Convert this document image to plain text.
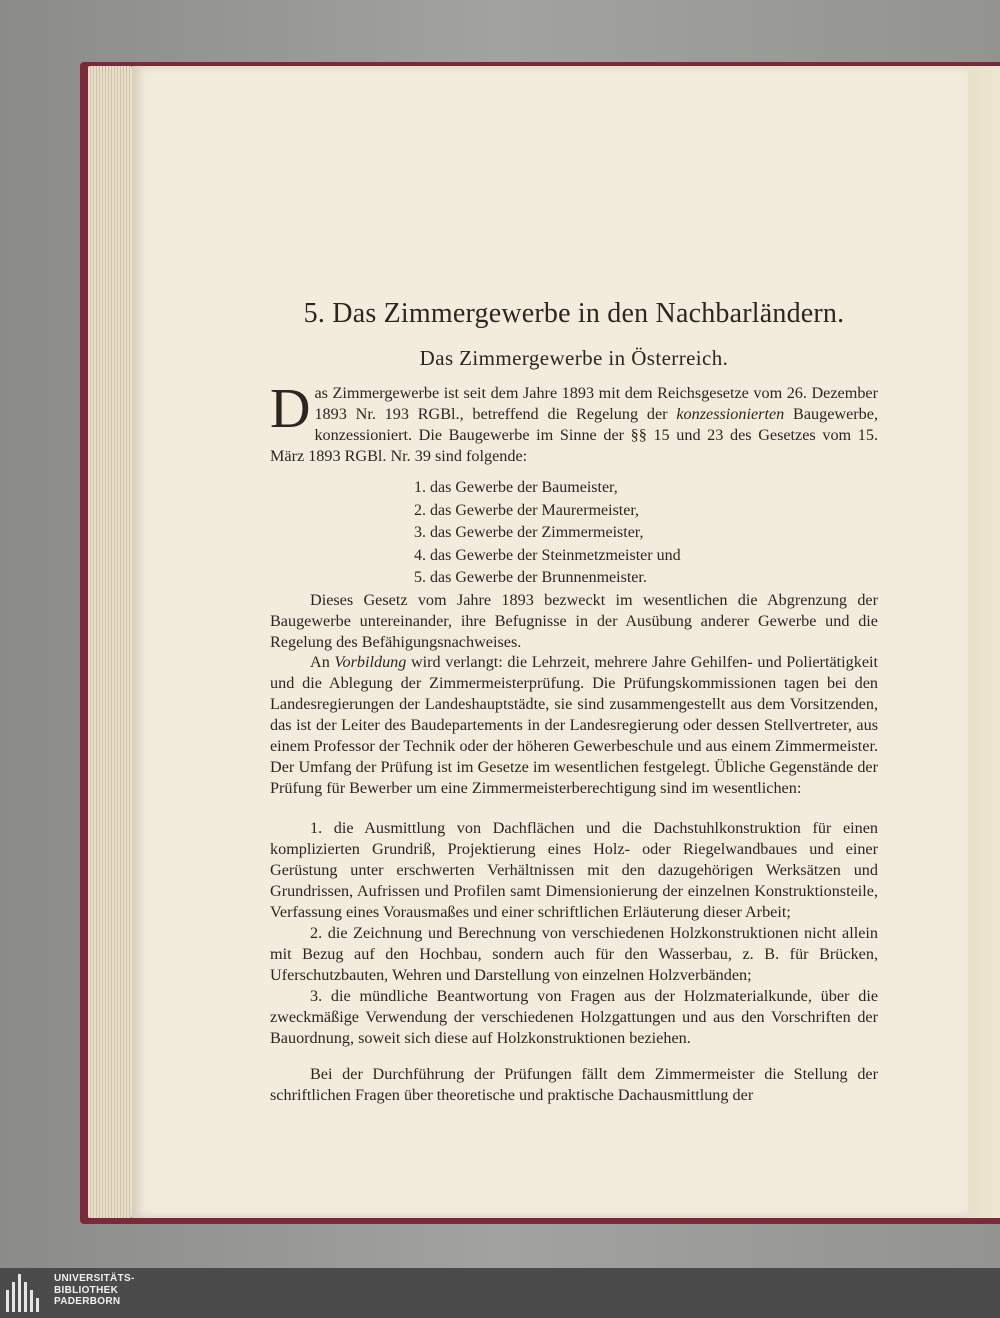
5. Das Zimmergewerbe in den Nachbarländern.
Das Zimmergewerbe in Österreich.

Das Zimmergewerbe ist seit dem Jahre 1893 mit dem Reichsgesetze vom 26. Dezember 1893 Nr. 193 RGBl., betreffend die Regelung der konzessionierten Baugewerbe, konzessioniert. Die Baugewerbe im Sinne der §§ 15 und 23 des Gesetzes vom 15. März 1893 RGBl. Nr. 39 sind folgende:

1. das Gewerbe der Baumeister,
2. das Gewerbe der Maurermeister,
3. das Gewerbe der Zimmermeister,
4. das Gewerbe der Steinmetzmeister und
5. das Gewerbe der Brunnenmeister.

Dieses Gesetz vom Jahre 1893 bezweckt im wesentlichen die Abgrenzung der Baugewerbe untereinander, ihre Befugnisse in der Ausübung anderer Gewerbe und die Regelung des Befähigungsnachweises.

An Vorbildung wird verlangt: die Lehrzeit, mehrere Jahre Gehilfen- und Poliertätigkeit und die Ablegung der Zimmermeisterprüfung. Die Prüfungskommissionen tagen bei den Landesregierungen der Landeshauptstädte, sie sind zusammengestellt aus dem Vorsitzenden, das ist der Leiter des Baudepartements in der Landesregierung oder dessen Stellvertreter, aus einem Professor der Technik oder der höheren Gewerbeschule und aus einem Zimmermeister. Der Umfang der Prüfung ist im Gesetze im wesentlichen festgelegt. Übliche Gegenstände der Prüfung für Bewerber um eine Zimmermeisterberechtigung sind im wesentlichen:

1. die Ausmittlung von Dachflächen und die Dachstuhlkonstruktion für einen komplizierten Grundriß, Projektierung eines Holz- oder Riegelwandbaues und einer Gerüstung unter erschwerten Verhältnissen mit den dazugehörigen Werksätzen und Grundrissen, Aufrissen und Profilen samt Dimensionierung der einzelnen Konstruktionsteile, Verfassung eines Vorausmaßes und einer schriftlichen Erläuterung dieser Arbeit;

2. die Zeichnung und Berechnung von verschiedenen Holzkonstruktionen nicht allein mit Bezug auf den Hochbau, sondern auch für den Wasserbau, z. B. für Brücken, Uferschutzbauten, Wehren und Darstellung von einzelnen Holzverbänden;

3. die mündliche Beantwortung von Fragen aus der Holzmaterialkunde, über die zweckmäßige Verwendung der verschiedenen Holzgattungen und aus den Vorschriften der Bauordnung, soweit sich diese auf Holzkonstruktionen beziehen.

Bei der Durchführung der Prüfungen fällt dem Zimmermeister die Stellung der schriftlichen Fragen über theoretische und praktische Dachausmittlung der

UNIVERSITÄTS-
BIBLIOTHEK
PADERBORN
